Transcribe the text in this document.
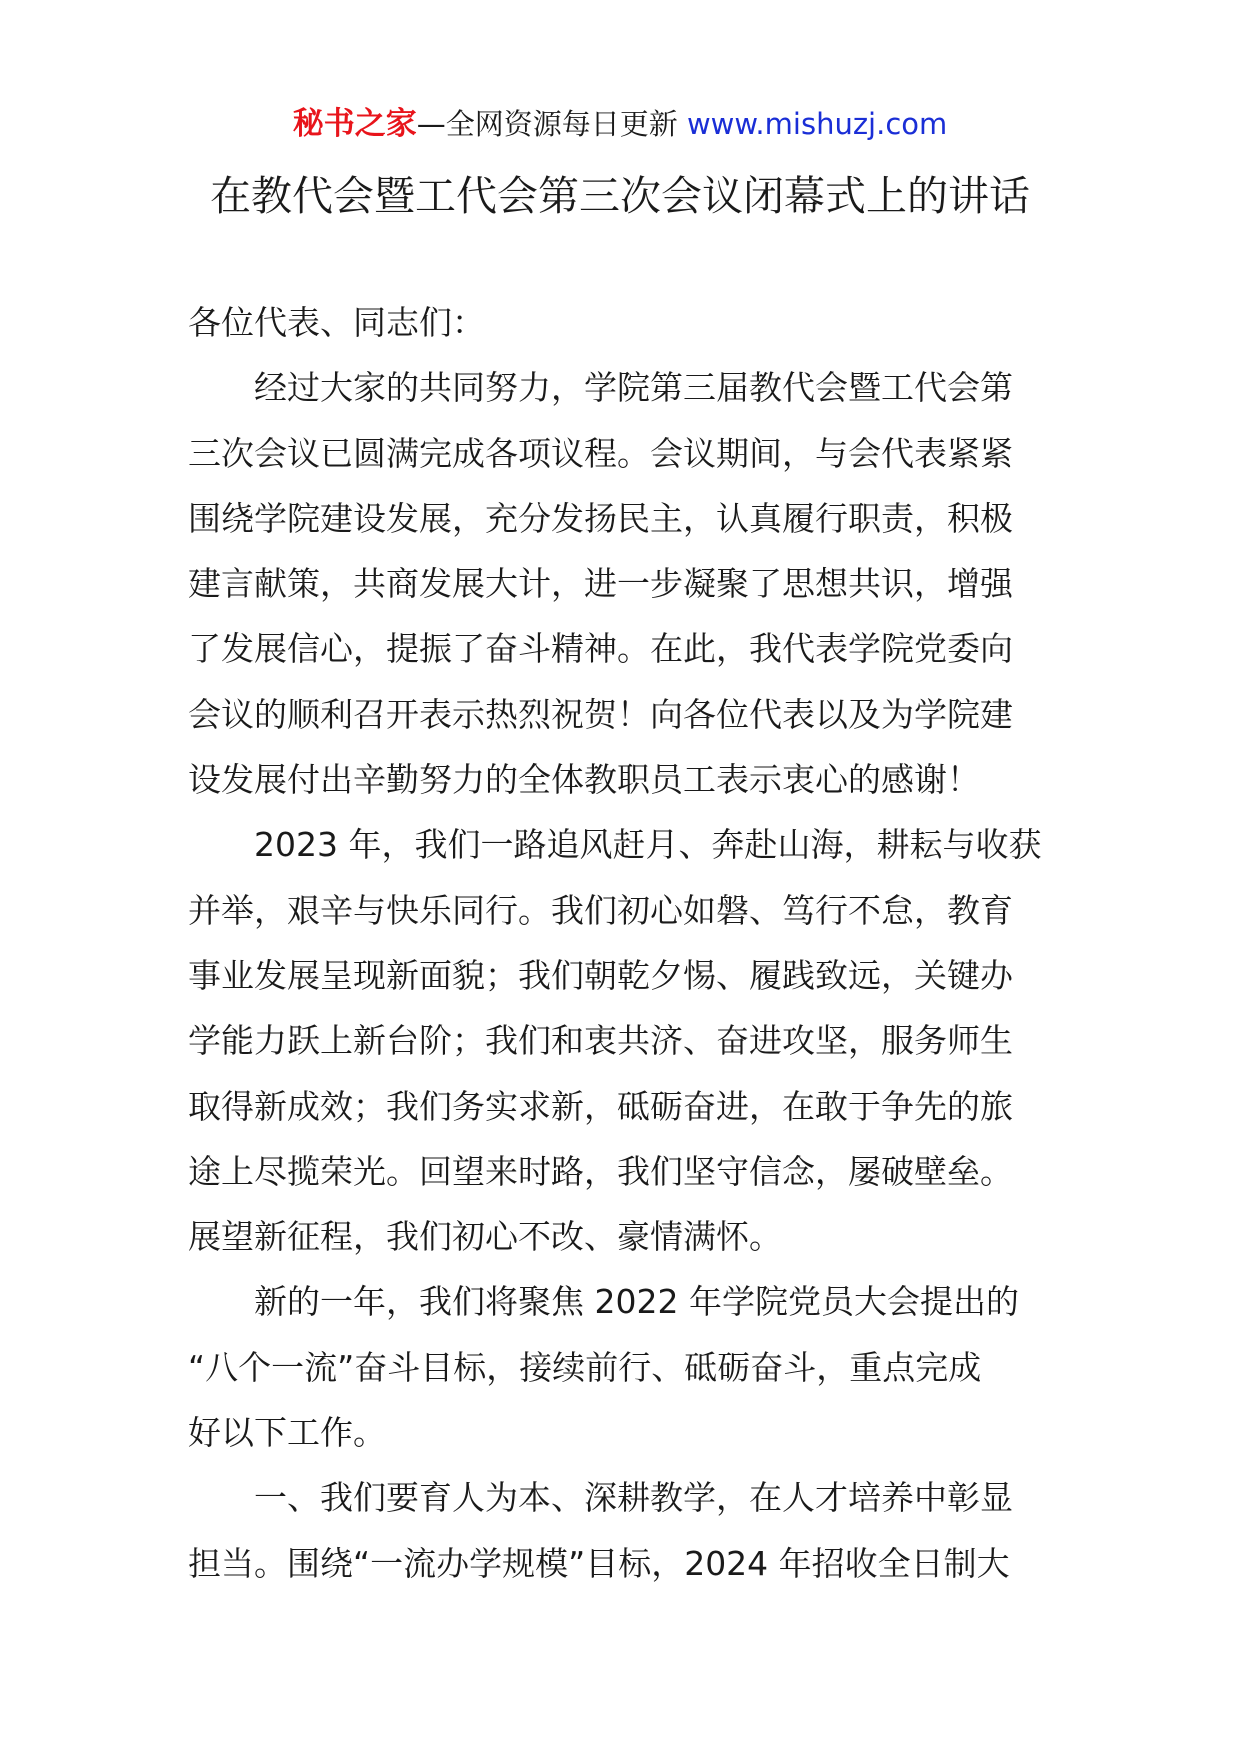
秘书之家—全网资源每日更新 www.mishuzj.com
在教代会暨工代会第三次会议闭幕式上的讲话
各位代表、同志们：
经过大家的共同努力，学院第三届教代会暨工代会第
三次会议已圆满完成各项议程。会议期间，与会代表紧紧
围绕学院建设发展，充分发扬民主，认真履行职责，积极
建言献策，共商发展大计，进一步凝聚了思想共识，增强
了发展信心，提振了奋斗精神。在此，我代表学院党委向
会议的顺利召开表示热烈祝贺！向各位代表以及为学院建
设发展付出辛勤努力的全体教职员工表示衷心的感谢！
2023 年，我们一路追风赶月、奔赴山海，耕耘与收获
并举，艰辛与快乐同行。我们初心如磐、笃行不怠，教育
事业发展呈现新面貌；我们朝乾夕惕、履践致远，关键办
学能力跃上新台阶；我们和衷共济、奋进攻坚，服务师生
取得新成效；我们务实求新，砥砺奋进，在敢于争先的旅
途上尽揽荣光。回望来时路，我们坚守信念，屡破壁垒。
展望新征程，我们初心不改、豪情满怀。
新的一年，我们将聚焦 2022 年学院党员大会提出的
“八个一流”奋斗目标，接续前行、砥砺奋斗，重点完成
好以下工作。
一、我们要育人为本、深耕教学，在人才培养中彰显
担当。围绕“一流办学规模”目标，2024 年招收全日制大
